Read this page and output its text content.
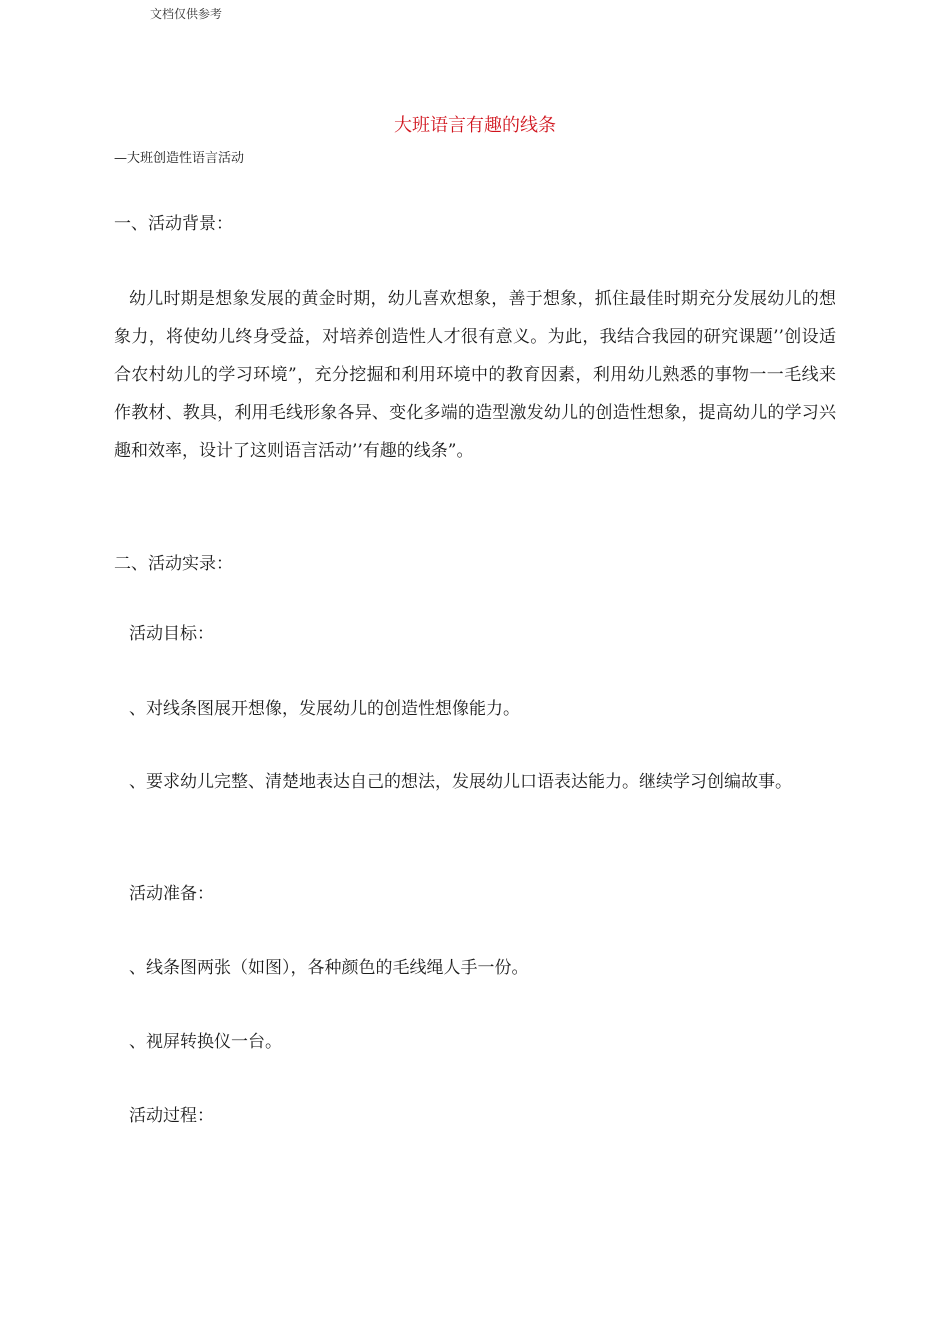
文档仅供参考
大班语言有趣的线条
—大班创造性语言活动
一、活动背景：
幼儿时期是想象发展的黄金时期，幼儿喜欢想象，善于想象，抓住最佳时期充分发展幼儿的想象力，将使幼儿终身受益，对培养创造性人才很有意义。为此，我结合我园的研究课题’’创设适合农村幼儿的学习环境”，充分挖掘和利用环境中的教育因素，利用幼儿熟悉的事物一一毛线来作教材、教具，利用毛线形象各异、变化多端的造型激发幼儿的创造性想象，提高幼儿的学习兴趣和效率，设计了这则语言活动’’有趣的线条”。
二、活动实录：
活动目标：
、对线条图展开想像，发展幼儿的创造性想像能力。
、要求幼儿完整、清楚地表达自己的想法，发展幼儿口语表达能力。继续学习创编故事。
活动准备：
、线条图两张（如图），各种颜色的毛线绳人手一份。
、视屏转换仪一台。
活动过程：
